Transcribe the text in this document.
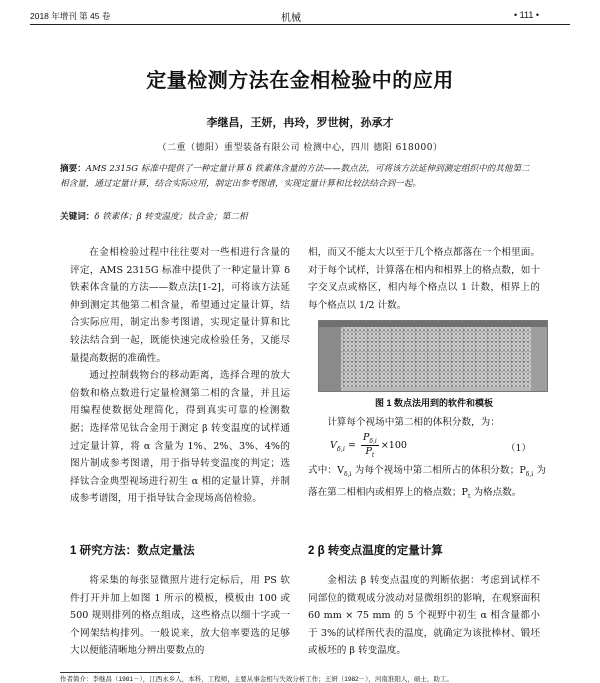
2018 年增刊 第 45 卷	机械	• 111 •
定量检测方法在金相检验中的应用
李继昌，王妍，冉玲，罗世树，孙承才
（二重（德阳）重型装备有限公司 检测中心，四川 德阳 618000）
摘要：AMS 2315G 标准中提供了一种定量计算 δ 铁素体含量的方法——数点法，可将该方法延伸到测定组织中的其他第二相含量，通过定量计算，结合实际应用，制定出参考图谱，实现定量计算和比较法结合到一起。
关键词：δ 铁素体；β 转变温度；钛合金；第二相

在金相检验过程中往往要对一些相进行含量的评定，AMS 2315G 标准中提供了一种定量计算 δ 铁素体含量的方法——数点法[1-2]，可将该方法延伸到测定其他第二相含量，希望通过定量计算，结合实际应用，制定出参考图谱，实现定量计算和比较法结合到一起，既能快速完成检验任务，又能尽量提高数据的准确性。

通过控制载物台的移动距离，选择合理的放大倍数和格点数进行定量检测第二相的含量，并且运用编程使数据处理简化，得到真实可靠的检测数据；选择常见钛合金用于测定 β 转变温度的试样通过定量计算，将 α 含量为 1%、2%、3%、4%的图片制成参考图谱，用于指导转变温度的判定；选择钛合金典型视场进行初生 α 相的定量计算，并制成参考谱图，用于指导钛合金现场高倍检验。

相，而又不能太大以至于几个格点都落在一个相里面。对于每个试样，计算落在相内和相界上的格点数，如十字交叉点或格区，相内每个格点以 1 计数，相界上的每个格点以 1/2 计数。

图 1 数点法用到的软件和模板

计算每个视场中第二相的体积分数，为：

$V_{\delta,i} = \frac{P_{\delta,i}}{P_t} \times 100$	（1）

式中：$V_{\delta,i}$ 为每个视场中第二相所占的体积分数；$P_{\delta,i}$ 为落在第二相相内或相界上的格点数；$P_t$ 为格点数。

1 研究方法：数点定量法

将采集的每张显微照片进行定标后，用 PS 软件打开并加上如图 1 所示的模板，模板由 100 或 500 规则排列的格点组成，这些格点以细十字或一个网架结构排列。一般说来，放大倍率要选的足够大以便能清晰地分辨出要数点的

2 β 转变点温度的定量计算

金相法 β 转变点温度的判断依据：考虑到试样不同部位的微观成分波动对显微组织的影响，在观察面积 60 mm × 75 mm 的 5 个视野中初生 α 相含量都小于 3%的试样所代表的温度，就确定为该批棒材、锻坯或板坯的 β 转变温度。

作者简介：李继昌（1981－），江西永乡人，本科，工程师，主要从事金相与失效分析工作；王妍（1982－），河南淮阳人，硕士，助工。
